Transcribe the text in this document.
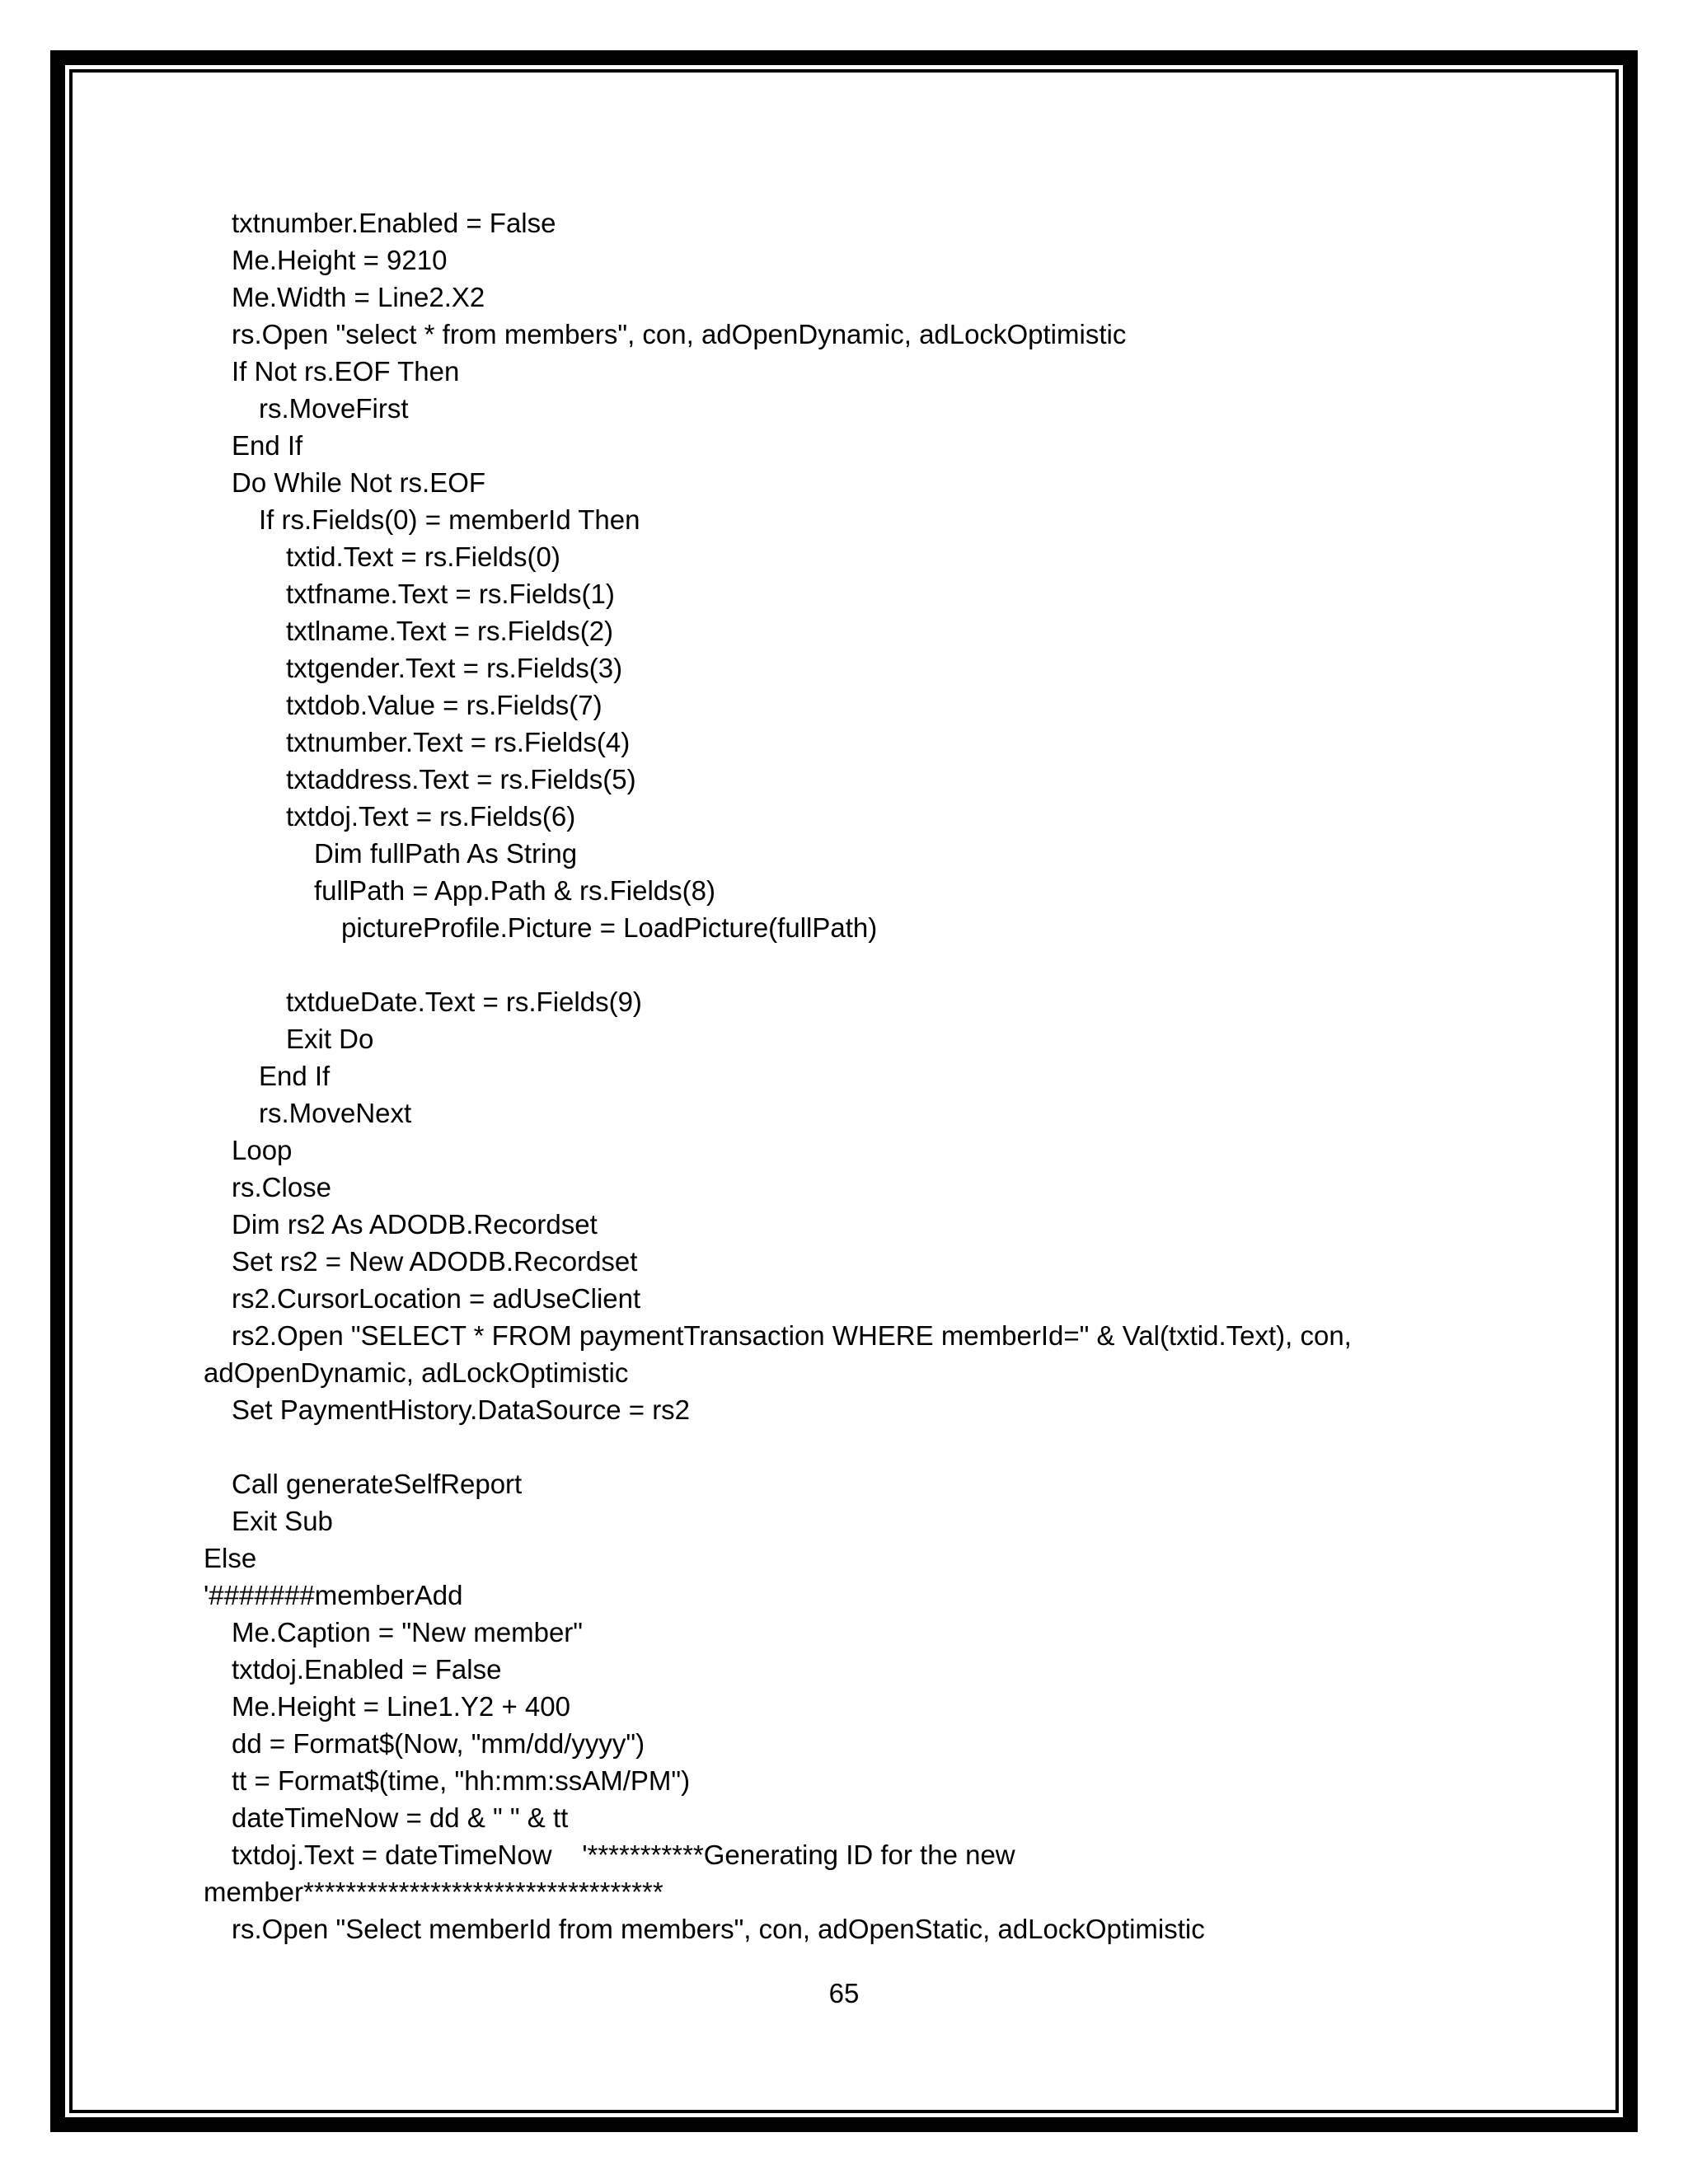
txtnumber.Enabled = False
Me.Height = 9210
Me.Width = Line2.X2
rs.Open "select * from members", con, adOpenDynamic, adLockOptimistic
If Not rs.EOF Then
rs.MoveFirst
End If
Do While Not rs.EOF
If rs.Fields(0) = memberId Then
txtid.Text = rs.Fields(0)
txtfname.Text = rs.Fields(1)
txtlname.Text = rs.Fields(2)
txtgender.Text = rs.Fields(3)
txtdob.Value = rs.Fields(7)
txtnumber.Text = rs.Fields(4)
txtaddress.Text = rs.Fields(5)
txtdoj.Text = rs.Fields(6)
Dim fullPath As String
fullPath = App.Path & rs.Fields(8)
pictureProfile.Picture = LoadPicture(fullPath)
txtdueDate.Text = rs.Fields(9)
Exit Do
End If
rs.MoveNext
Loop
rs.Close
Dim rs2 As ADODB.Recordset
Set rs2 = New ADODB.Recordset
rs2.CursorLocation = adUseClient
rs2.Open "SELECT * FROM paymentTransaction WHERE memberId=" & Val(txtid.Text), con,
adOpenDynamic, adLockOptimistic
Set PaymentHistory.DataSource = rs2
Call generateSelfReport
Exit Sub
Else
'#######memberAdd
Me.Caption = "New member"
txtdoj.Enabled = False
Me.Height = Line1.Y2 + 400
dd = Format$(Now, "mm/dd/yyyy")
tt = Format$(time, "hh:mm:ssAM/PM")
dateTimeNow = dd & " " & tt
txtdoj.Text = dateTimeNow    '***********Generating ID for the new
member**********************************
rs.Open "Select memberId from members", con, adOpenStatic, adLockOptimistic
65
